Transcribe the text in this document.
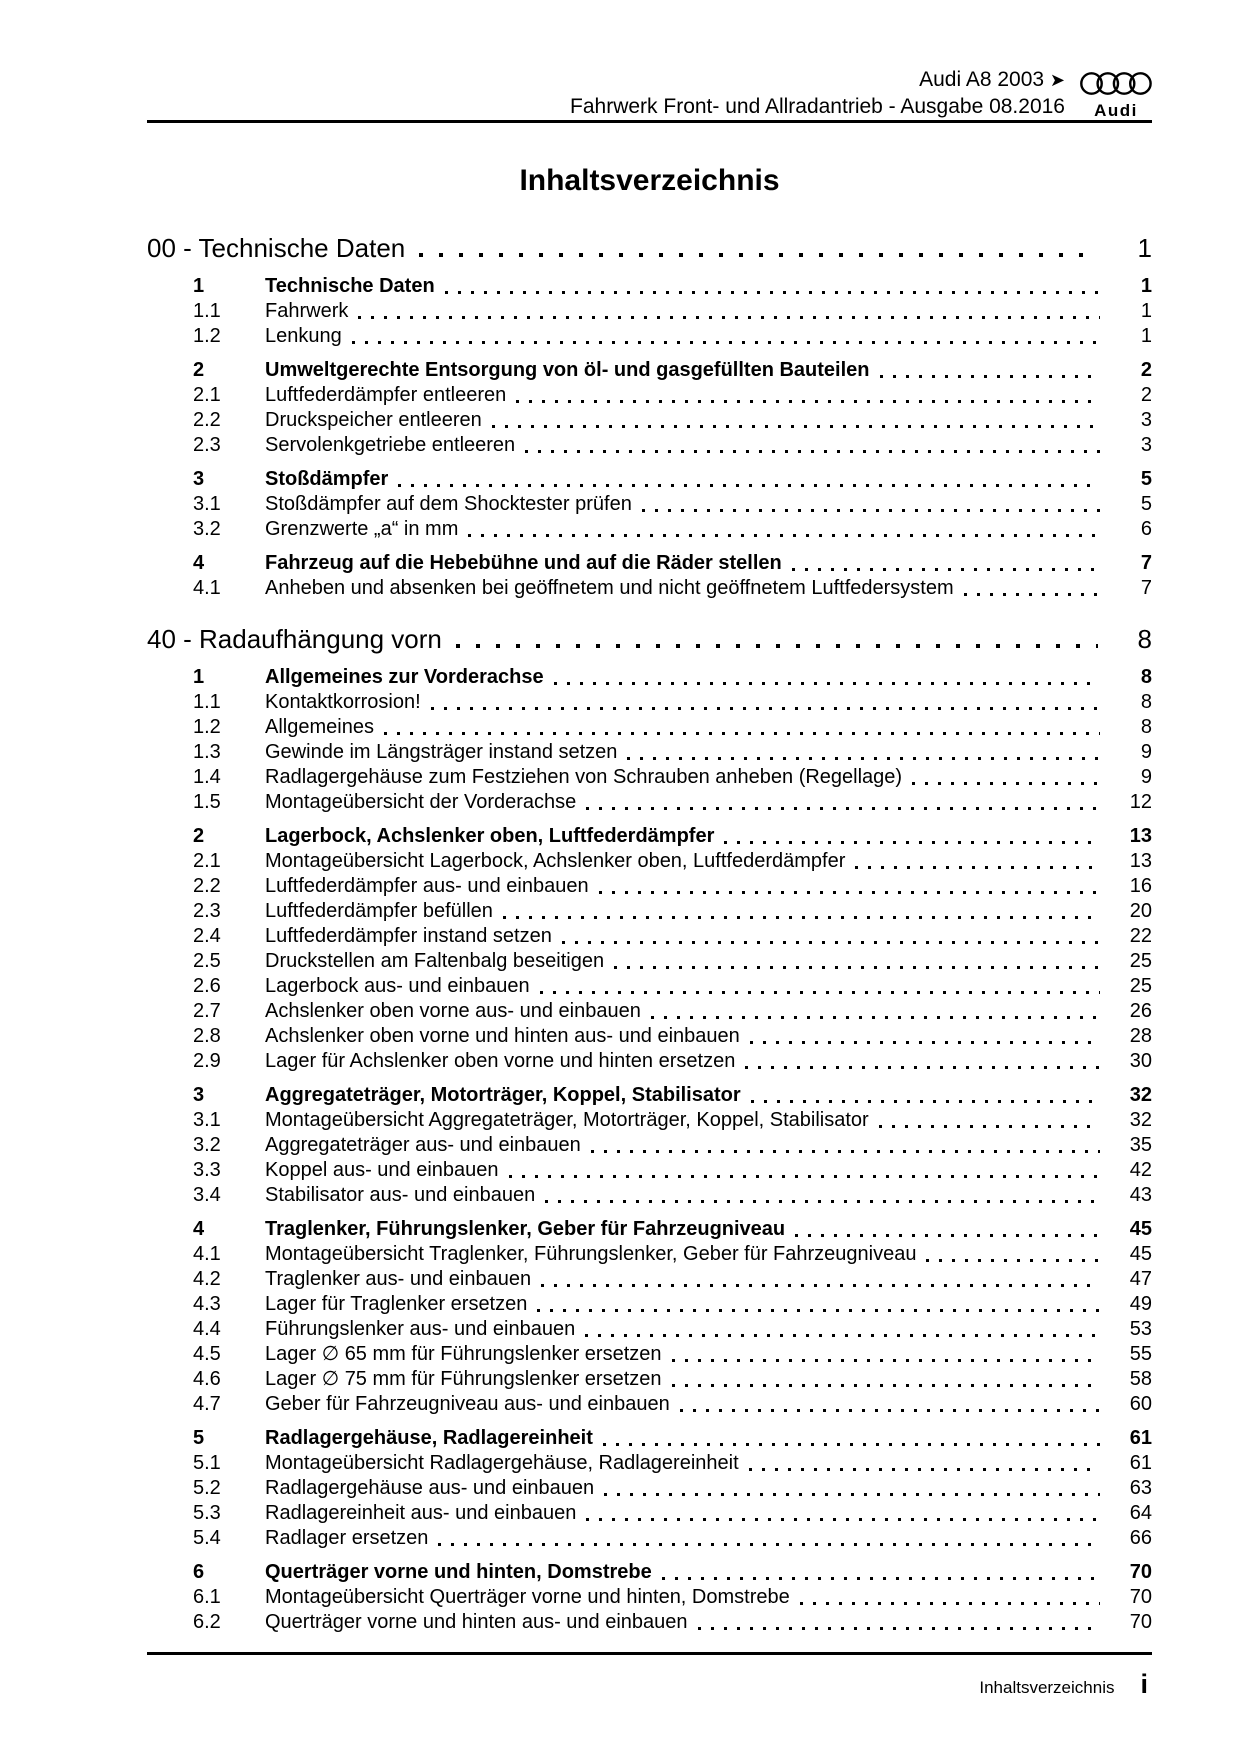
Audi A8 2003 ➤
Fahrwerk Front- und Allradantrieb - Ausgabe 08.2016	Audi
Inhaltsverzeichnis
00 - Technische Daten	1
1	Technische Daten	1
1.1	Fahrwerk	1
1.2	Lenkung	1
2	Umweltgerechte Entsorgung von öl- und gasgefüllten Bauteilen	2
2.1	Luftfederdämpfer entleeren	2
2.2	Druckspeicher entleeren	3
2.3	Servolenkgetriebe entleeren	3
3	Stoßdämpfer	5
3.1	Stoßdämpfer auf dem Shocktester prüfen	5
3.2	Grenzwerte „a“ in mm	6
4	Fahrzeug auf die Hebebühne und auf die Räder stellen	7
4.1	Anheben und absenken bei geöffnetem und nicht geöffnetem Luftfedersystem	7
40 - Radaufhängung vorn	8
1	Allgemeines zur Vorderachse	8
1.1	Kontaktkorrosion!	8
1.2	Allgemeines	8
1.3	Gewinde im Längsträger instand setzen	9
1.4	Radlagergehäuse zum Festziehen von Schrauben anheben (Regellage)	9
1.5	Montageübersicht der Vorderachse	12
2	Lagerbock, Achslenker oben, Luftfederdämpfer	13
2.1	Montageübersicht Lagerbock, Achslenker oben, Luftfederdämpfer	13
2.2	Luftfederdämpfer aus- und einbauen	16
2.3	Luftfederdämpfer befüllen	20
2.4	Luftfederdämpfer instand setzen	22
2.5	Druckstellen am Faltenbalg beseitigen	25
2.6	Lagerbock aus- und einbauen	25
2.7	Achslenker oben vorne aus- und einbauen	26
2.8	Achslenker oben vorne und hinten aus- und einbauen	28
2.9	Lager für Achslenker oben vorne und hinten ersetzen	30
3	Aggregateträger, Motorträger, Koppel, Stabilisator	32
3.1	Montageübersicht Aggregateträger, Motorträger, Koppel, Stabilisator	32
3.2	Aggregateträger aus- und einbauen	35
3.3	Koppel aus- und einbauen	42
3.4	Stabilisator aus- und einbauen	43
4	Traglenker, Führungslenker, Geber für Fahrzeugniveau	45
4.1	Montageübersicht Traglenker, Führungslenker, Geber für Fahrzeugniveau	45
4.2	Traglenker aus- und einbauen	47
4.3	Lager für Traglenker ersetzen	49
4.4	Führungslenker aus- und einbauen	53
4.5	Lager ∅ 65 mm für Führungslenker ersetzen	55
4.6	Lager ∅ 75 mm für Führungslenker ersetzen	58
4.7	Geber für Fahrzeugniveau aus- und einbauen	60
5	Radlagergehäuse, Radlagereinheit	61
5.1	Montageübersicht Radlagergehäuse, Radlagereinheit	61
5.2	Radlagergehäuse aus- und einbauen	63
5.3	Radlagereinheit aus- und einbauen	64
5.4	Radlager ersetzen	66
6	Querträger vorne und hinten, Domstrebe	70
6.1	Montageübersicht Querträger vorne und hinten, Domstrebe	70
6.2	Querträger vorne und hinten aus- und einbauen	70
Inhaltsverzeichnis i
